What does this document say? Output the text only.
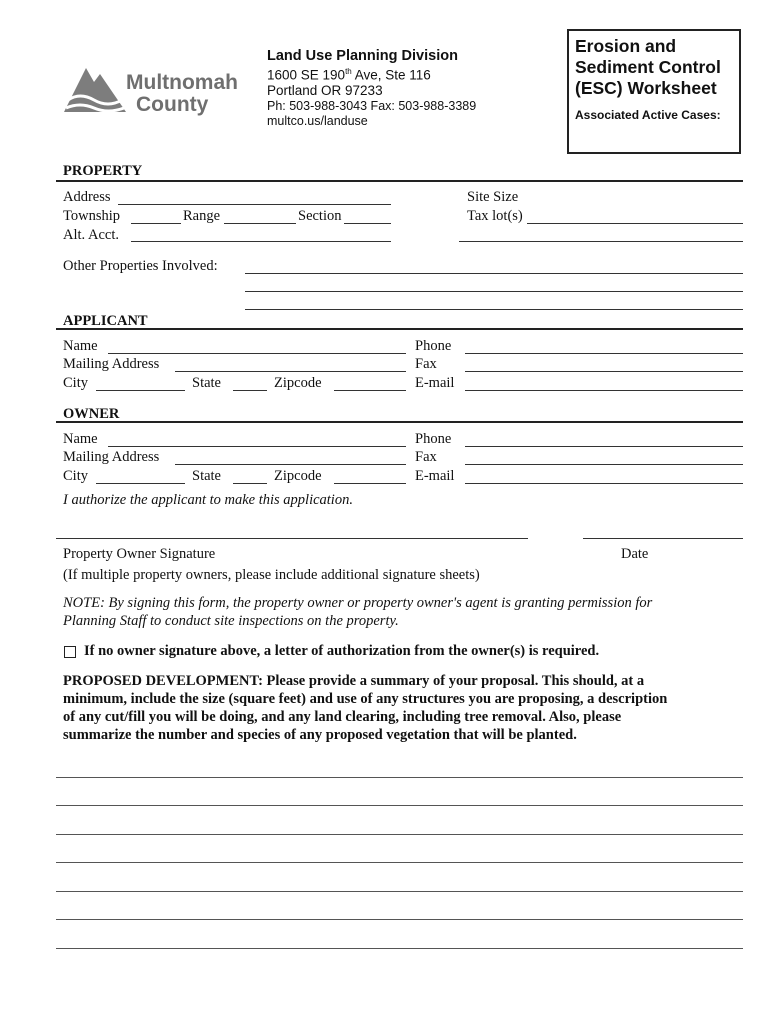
Multnomah
County
Land Use Planning Division
1600 SE 190th Ave, Ste 116
Portland OR 97233
Ph: 503-988-3043 Fax: 503-988-3389
multco.us/landuse
Erosion and
Sediment Control
(ESC) Worksheet
Associated Active Cases:
PROPERTY
Address	Site Size
Township	Range	Section	Tax lot(s)
Alt. Acct.
Other Properties Involved:
APPLICANT
Name	Phone
Mailing Address	Fax
City	State	Zipcode	E-mail
OWNER
Name	Phone
Mailing Address	Fax
City	State	Zipcode	E-mail
I authorize the applicant to make this application.
Property Owner Signature	Date
(If multiple property owners, please include additional signature sheets)
NOTE: By signing this form, the property owner or property owner's agent is granting permission for
Planning Staff to conduct site inspections on the property.
If no owner signature above, a letter of authorization from the owner(s) is required.
PROPOSED DEVELOPMENT: Please provide a summary of your proposal. This should, at a
minimum, include the size (square feet) and use of any structures you are proposing, a description
of any cut/fill you will be doing, and any land clearing, including tree removal. Also, please
summarize the number and species of any proposed vegetation that will be planted.
